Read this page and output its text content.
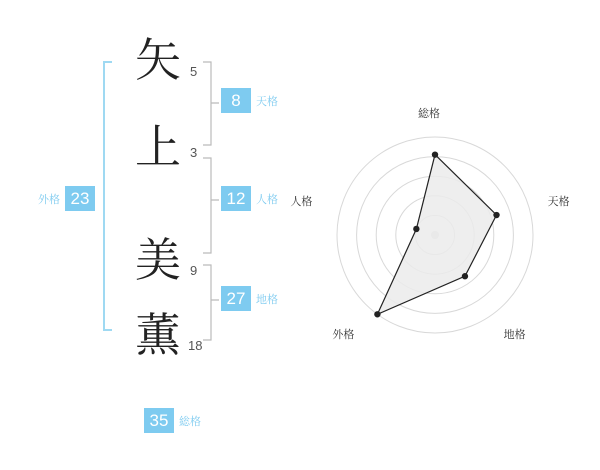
矢 5
上 3
美 9
薫 18
8	天格
12 人格
27 地格
外格 23
35 総格
総格
天格
地格
外格
人格
